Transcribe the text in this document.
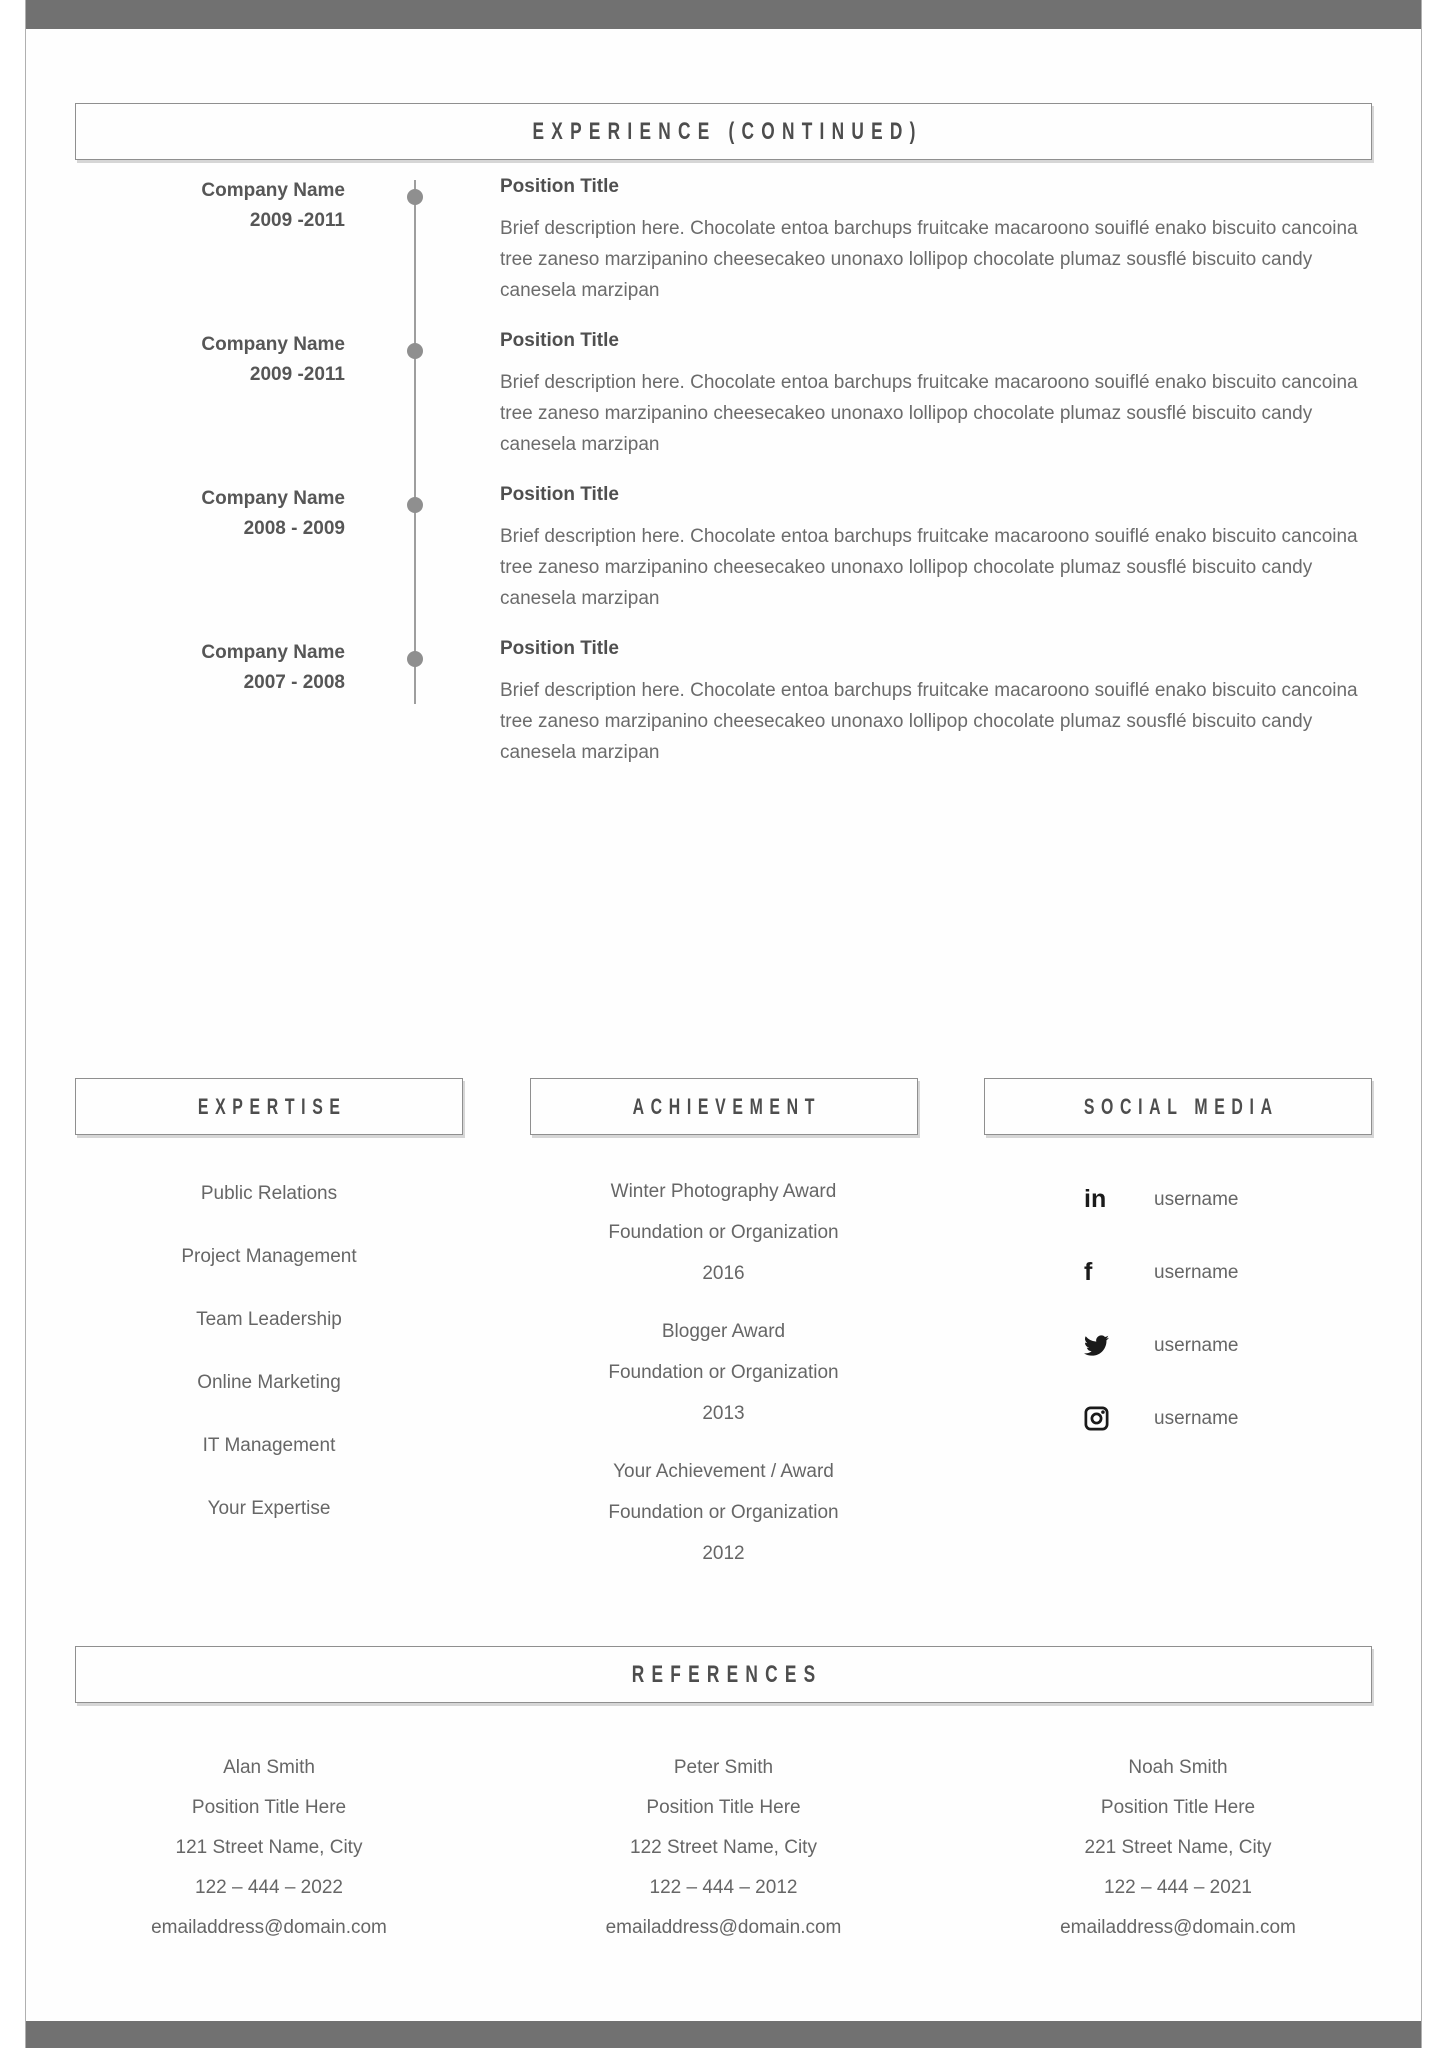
EXPERIENCE (CONTINUED)
Company Name
2009 -2011
Position Title
Brief description here. Chocolate entoa barchups fruitcake macaroono souiflé enako biscuito cancoina tree zaneso marzipanino cheesecakeo unonaxo lollipop chocolate plumaz sousflé biscuito candy canesela marzipan
Company Name
2009 -2011
Position Title
Brief description here. Chocolate entoa barchups fruitcake macaroono souiflé enako biscuito cancoina tree zaneso marzipanino cheesecakeo unonaxo lollipop chocolate plumaz sousflé biscuito candy canesela marzipan
Company Name
2008 - 2009
Position Title
Brief description here. Chocolate entoa barchups fruitcake macaroono souiflé enako biscuito cancoina tree zaneso marzipanino cheesecakeo unonaxo lollipop chocolate plumaz sousflé biscuito candy canesela marzipan
Company Name
2007 - 2008
Position Title
Brief description here. Chocolate entoa barchups fruitcake macaroono souiflé enako biscuito cancoina tree zaneso marzipanino cheesecakeo unonaxo lollipop chocolate plumaz sousflé biscuito candy canesela marzipan
EXPERTISE
Public Relations
Project Management
Team Leadership
Online Marketing
IT Management
Your Expertise
ACHIEVEMENT
Winter Photography Award
Foundation or Organization
2016
Blogger Award
Foundation or Organization
2013
Your Achievement / Award
Foundation or Organization
2012
SOCIAL MEDIA
in	username
f	username
username
username
REFERENCES
Alan Smith
Position Title Here
121 Street Name, City
122 – 444 – 2022
emailaddress@domain.com
Peter Smith
Position Title Here
122 Street Name, City
122 – 444 – 2012
emailaddress@domain.com
Noah Smith
Position Title Here
221 Street Name, City
122 – 444 – 2021
emailaddress@domain.com
